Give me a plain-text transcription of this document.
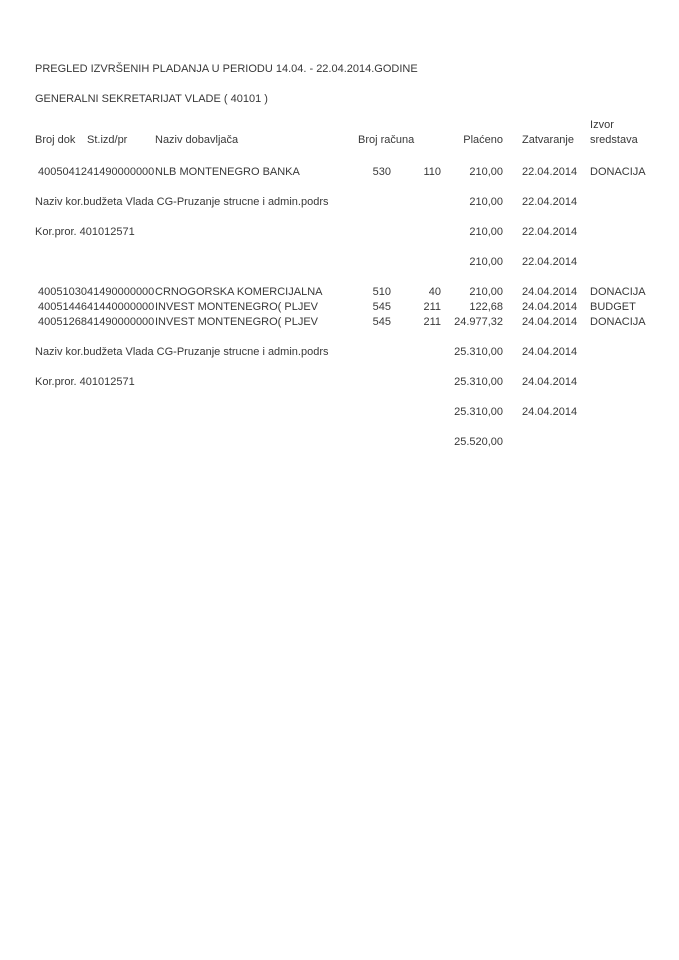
PREGLED IZVRŠENIH PLADANJA U PERIODU 14.04. - 22.04.2014.GODINE
GENERALNI SEKRETARIJAT VLADE ( 40101 )
Broj dok	St.izd/pr	Naziv dobavljača	Broj računa		Plaćeno	Zatvaranje	Izvor
sredstava

40050412	41490000000	NLB MONTENEGRO BANKA	530	110	210,00	22.04.2014	DONACIJA
Naziv kor.budžeta Vlada CG-Pruzanje strucne i admin.podrs					210,00	22.04.2014	
Kor.pror. 401012571					210,00	22.04.2014	
					210,00	22.04.2014	
40051030	41490000000	CRNOGORSKA KOMERCIJALNA	510	40	210,00	24.04.2014	DONACIJA
40051446	41440000000	INVEST MONTENEGRO( PLJEV	545	211	122,68	24.04.2014	BUDGET
40051268	41490000000	INVEST MONTENEGRO( PLJEV	545	211	24.977,32	24.04.2014	DONACIJA
Naziv kor.budžeta Vlada CG-Pruzanje strucne i admin.podrs					25.310,00	24.04.2014	
Kor.pror. 401012571					25.310,00	24.04.2014	
					25.310,00	24.04.2014	
					25.520,00		
